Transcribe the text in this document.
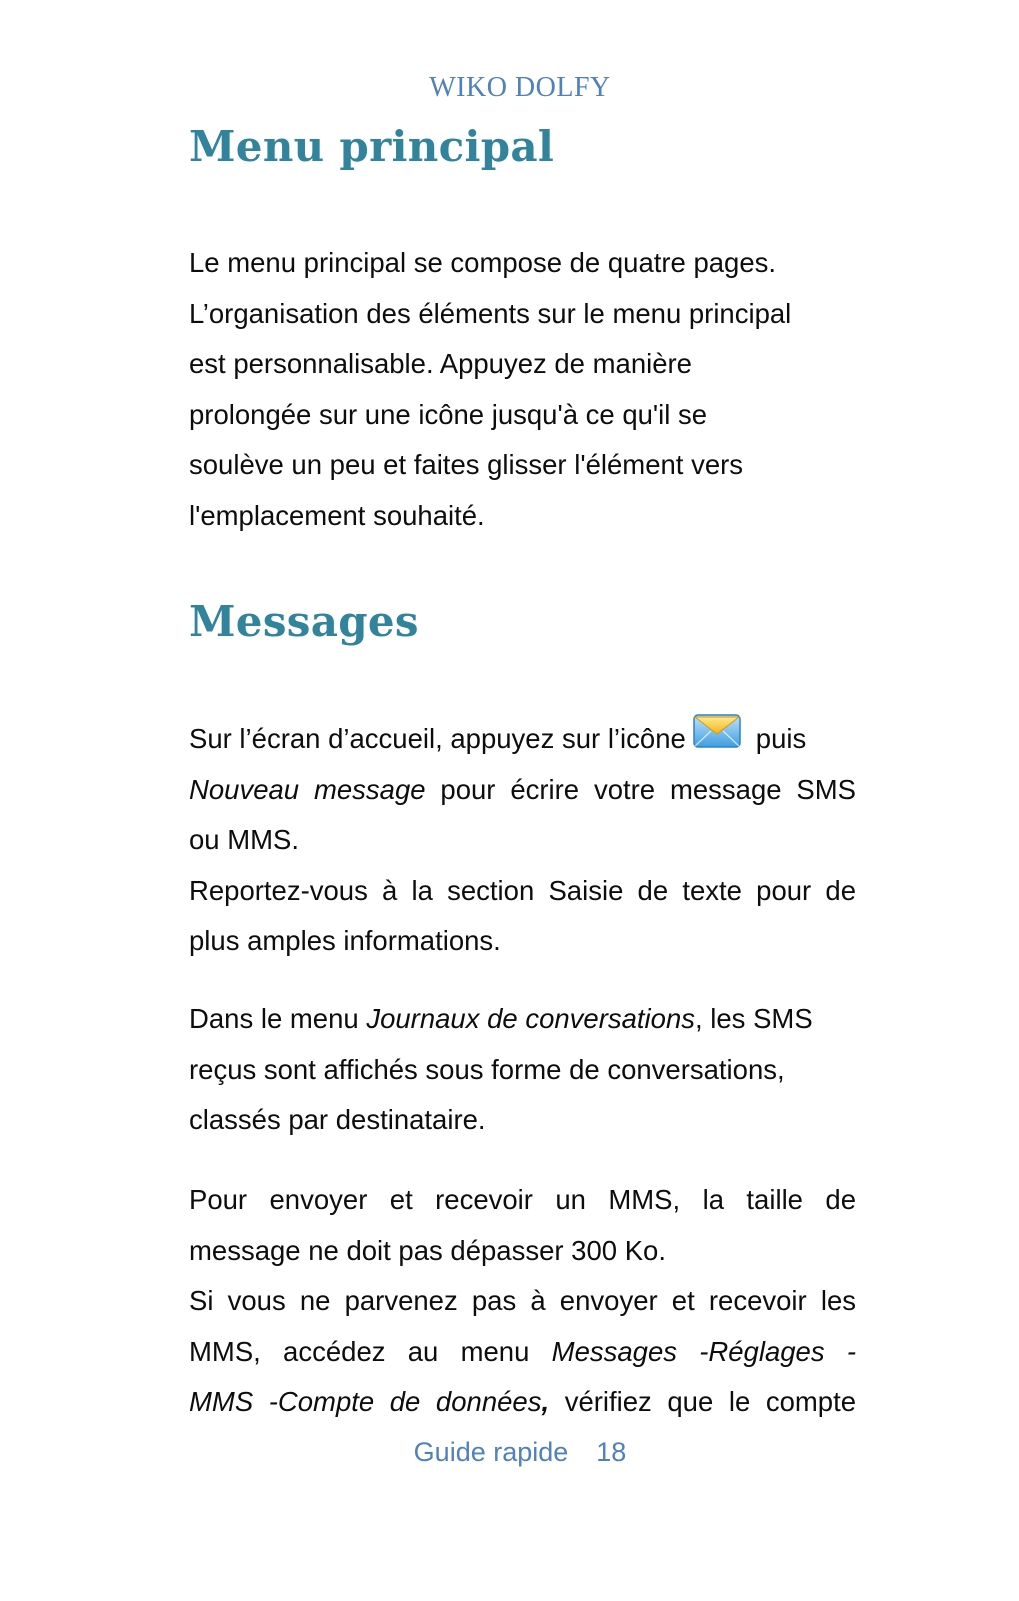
WIKO DOLFY
Menu principal

Le menu principal se compose de quatre pages.
L’organisation des éléments sur le menu principal
est personnalisable. Appuyez de manière
prolongée sur une icône jusqu'à ce qu'il se
soulève un peu et faites glisser l'élément vers
l'emplacement souhaité.

Messages

Sur l’écran d’accueil, appuyez sur l’icône	puis
Nouveau message pour écrire votre message SMS
ou MMS.
Reportez-vous à la section Saisie de texte pour de
plus amples informations.

Dans le menu Journaux de conversations, les SMS
reçus sont affichés sous forme de conversations,
classés par destinataire.

Pour envoyer et recevoir un MMS, la taille de
message ne doit pas dépasser 300 Ko.
Si vous ne parvenez pas à envoyer et recevoir les
MMS, accédez au menu Messages -Réglages -
MMS -Compte de données, vérifiez que le compte

Guide rapide 18
